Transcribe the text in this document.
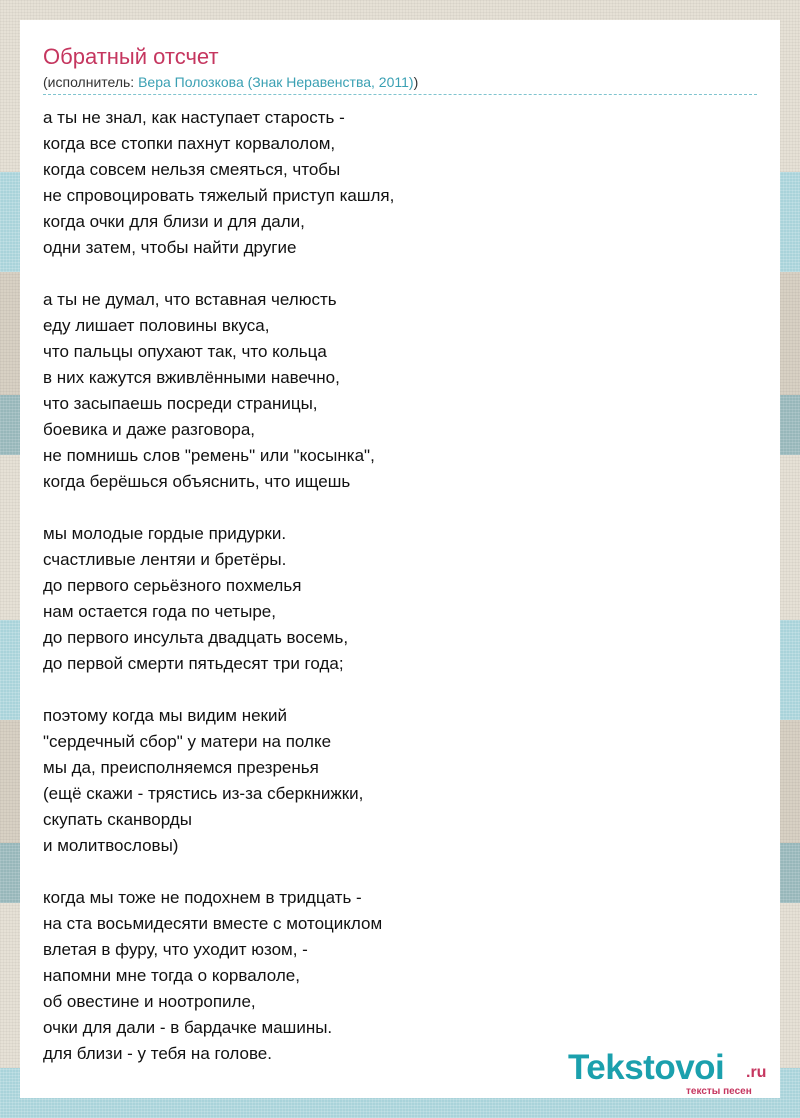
Обратный отсчет
(исполнитель: Вера Полозкова (Знак Неравенства, 2011))
а ты не знал, как наступает старость -
когда все стопки пахнут корвалолом,
когда совсем нельзя смеяться, чтобы
не спровоцировать тяжелый приступ кашля,
когда очки для близи и для дали,
одни затем, чтобы найти другие
а ты не думал, что вставная челюсть
еду лишает половины вкуса,
что пальцы опухают так, что кольца
в них кажутся вживлёнными навечно,
что засыпаешь посреди страницы,
боевика и даже разговора,
не помнишь слов "ремень" или "косынка",
когда берёшься объяснить, что ищешь
мы молодые гордые придурки.
счастливые лентяи и бретёры.
до первого серьёзного похмелья
нам остается года по четыре,
до первого инсульта двадцать восемь,
до первой смерти пятьдесят три года;
поэтому когда мы видим некий
"сердечный сбор" у матери на полке
мы да, преисполняемся презренья
(ещё скажи - трястись из-за сберкнижки,
скупать сканворды
и молитвословы)
когда мы тоже не подохнем в тридцать -
на ста восьмидесяти вместе с мотоциклом
влетая в фуру, что уходит юзом, -
напомни мне тогда о корвалоле,
об овестине и ноотропиле,
очки для дали - в бардачке машины.
для близи - у тебя на голове.	Tekstovoi .ru
тексты песен
